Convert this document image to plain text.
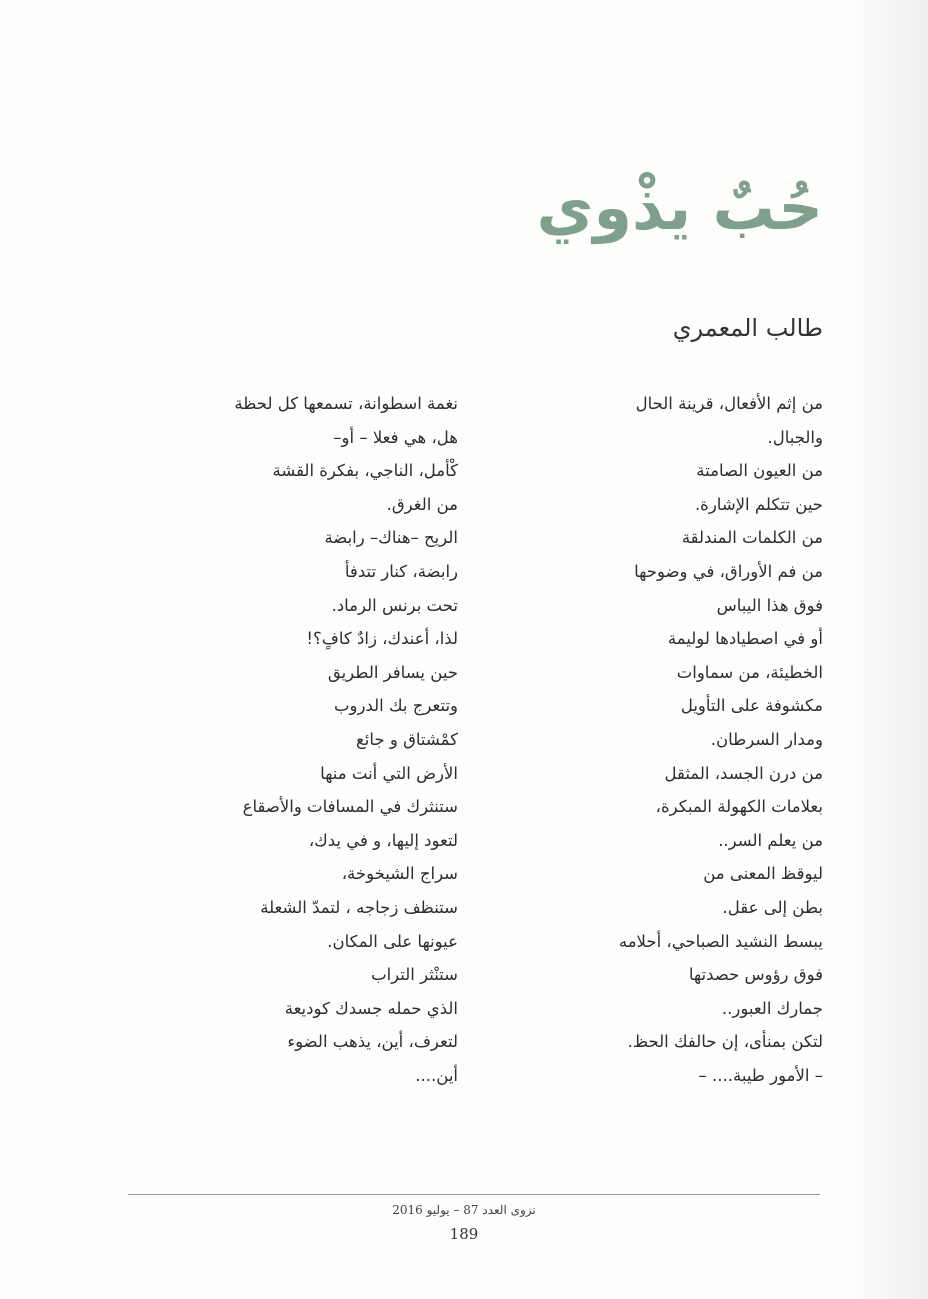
حُبٌ يذْوي
طالب المعمري
من إثم الأفعال، قرينة الحال
والجبال.
من العيون الصامتة
حين تتكلم الإشارة.
من الكلمات المندلقة
من فم الأوراق، في وضوحها
فوق هذا اليباس
أو في اصطيادها لوليمة
الخطيئة، من سماوات
مكشوفة على التأويل
ومدار السرطان.
من درن الجسد، المثقل
بعلامات الكهولة المبكرة،
من يعلم السر..
ليوقظ المعنى من
بطن إلى عقل.
يبسط النشيد الصباحي، أحلامه
فوق رؤوس حصدتها
جمارك العبور..
لتكن بمنأى، إن حالفك الحظ.
– الأمور طيبة.... –
نغمة اسطوانة، تسمعها كل لحظة
هل، هي فعلا – أو–
كْأمل، الناجي، بفكرة القشة
من الغرق.
الريح –هناك– رابضة
رابضة، كنار تتدفأ
تحت برنس الرماد.
لذا، أعندك، زادٌ كافٍ؟!
حين يسافر الطريق
وتتعرج بك الدروب
كمْشتاق و جائع
الأرض التي أنت منها
ستنثرك في المسافات والأصقاع
لتعود إليها، و في يدك،
سراج الشيخوخة،
ستنظف زجاجه ، لتمدّ الشعلة
عيونها على المكان.
ستنْثر التراب
الذي حمله جسدك كوديعة
لتعرف، أين، يذهب الضوء
أين....
نزوى العدد 87 – يوليو 2016
189
